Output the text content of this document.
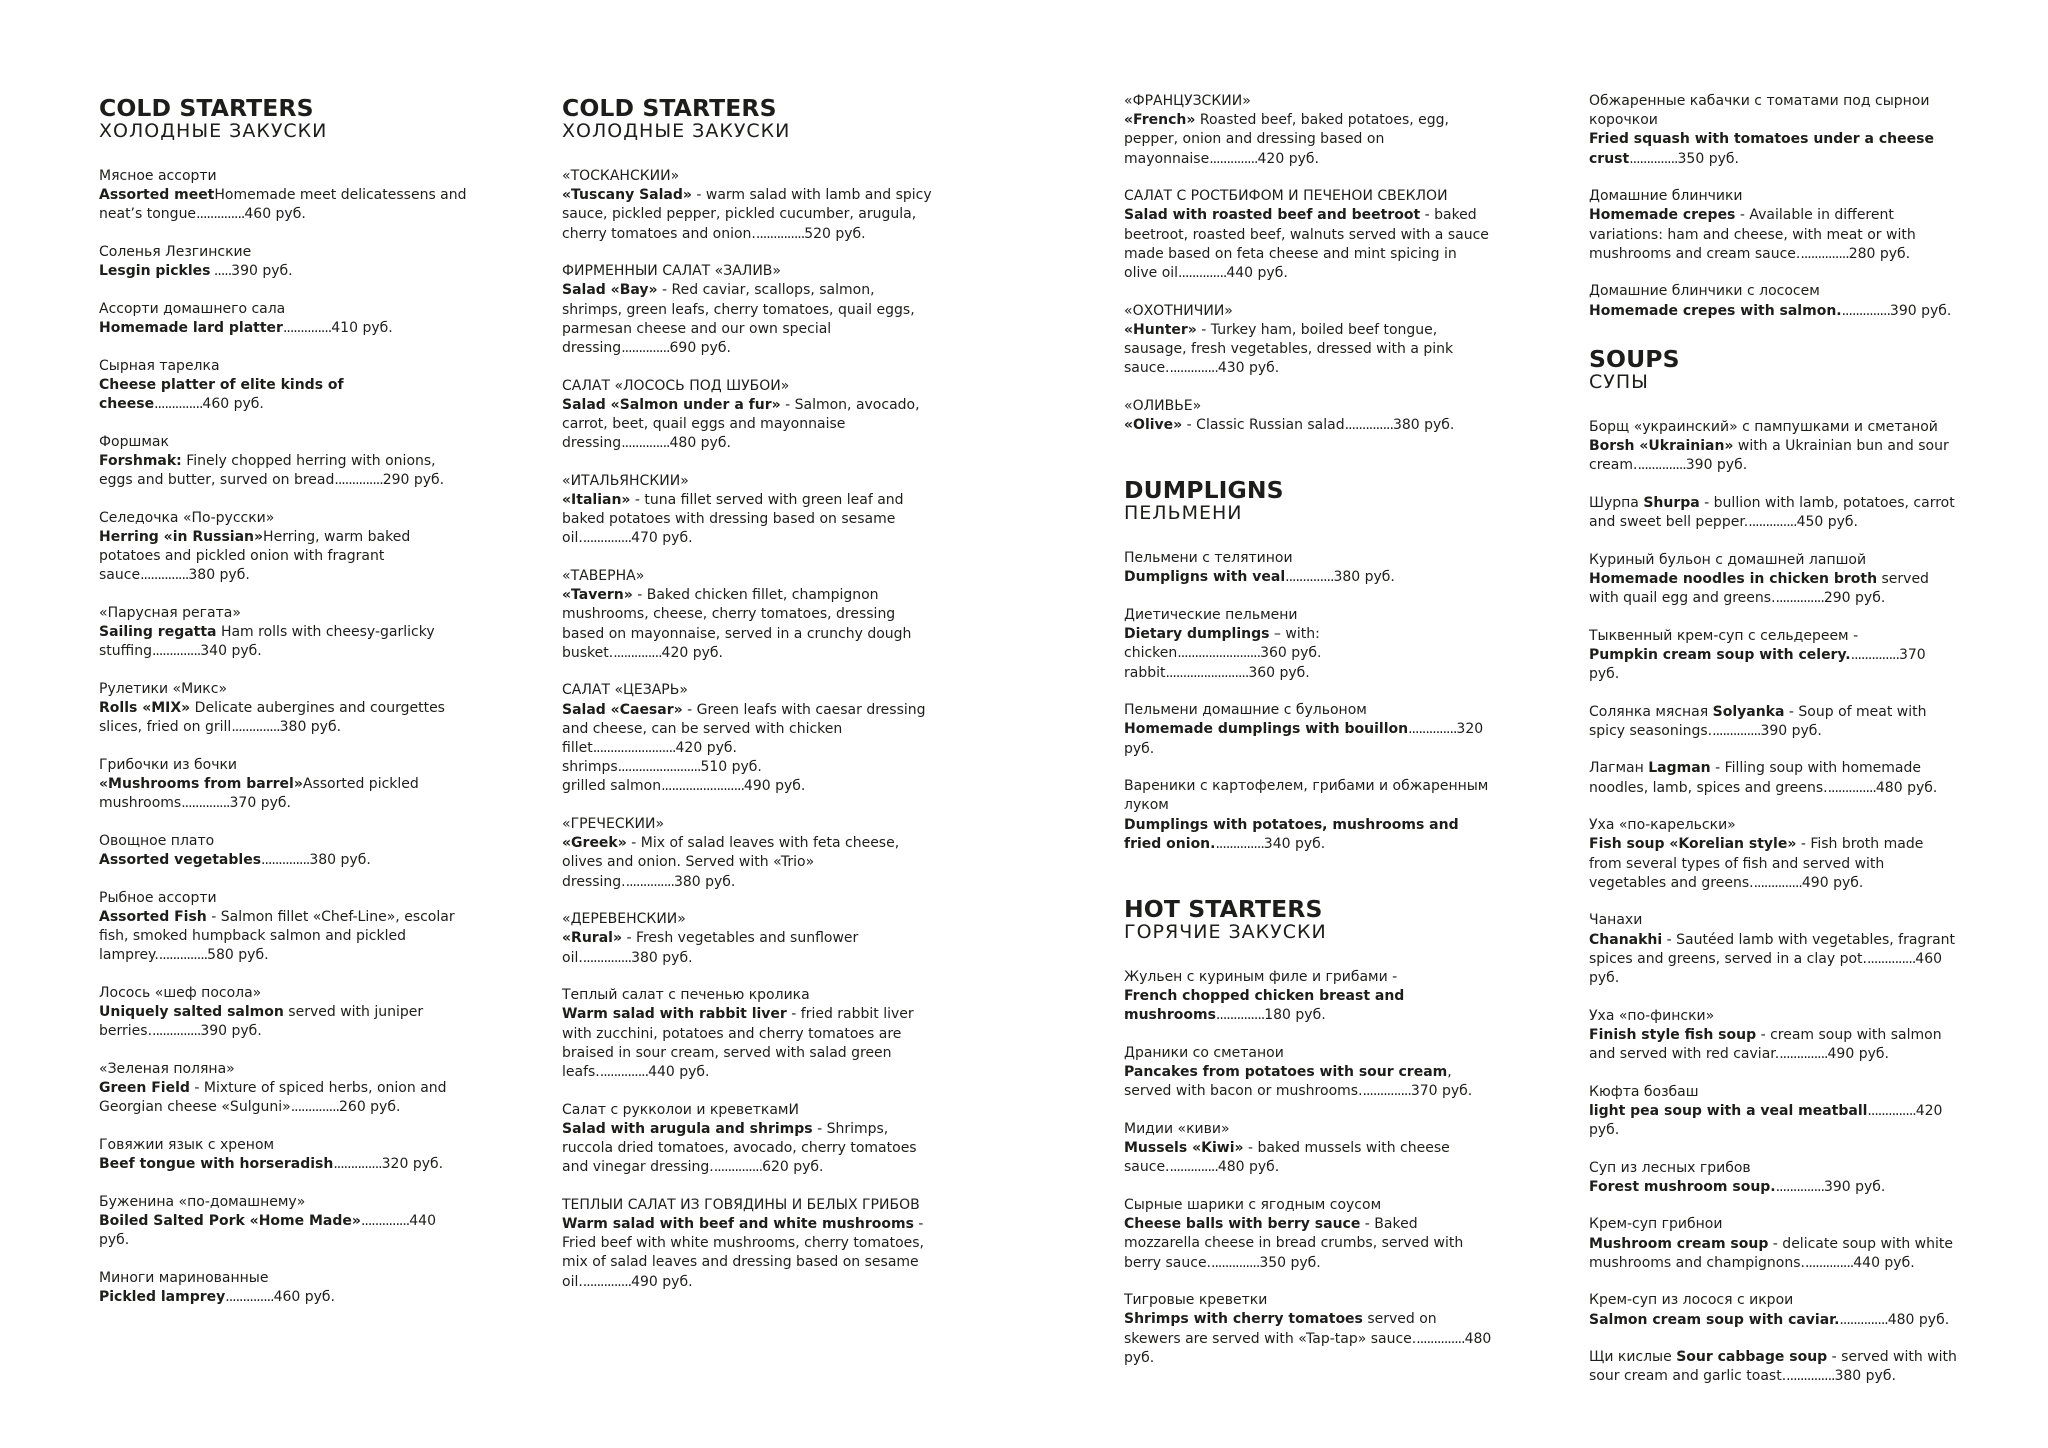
COLD STARTERS
ХОЛОДНЫЕ ЗАКУСКИ
Мясное ассорти
Assorted meetHomemade meet delicatessens and neat’s tongue..............460 руб.
Соленья Лезгинские
Lesgin pickles .....390 руб.
Ассорти домашнего сала
Homemade lard platter..............410 руб.
Сырная тарелка
Cheese platter of elite kinds of cheese..............460 руб.
Форшмак
Forshmak: Finely chopped herring with onions, eggs and butter, surved on bread..............290 руб.
Селедочка «По-русски»
Herring «in Russian»Herring, warm baked potatoes and pickled onion with fragrant sauce..............380 руб.
«Парусная регата»
Sailing regatta Ham rolls with cheesy-garlicky stuffing..............340 руб.
Рулетики «Микс»
Rolls «MIX» Delicate aubergines and courgettes slices, fried on grill..............380 руб.
Грибочки из бочки
«Mushrooms from barrel»Assorted pickled mushrooms..............370 руб.
Овощное плато
Assorted vegetables..............380 руб.
Рыбное ассорти
Assorted Fish - Salmon fillet «Chef-Line», escolar fish, smoked humpback salmon and pickled lamprey...............580 руб.
Лосось «шеф посола»
Uniquely salted salmon served with juniper berries...............390 руб.
«Зеленая поляна»
Green Field - Mixture of spiced herbs, onion and Georgian cheese «Sulguni»..............260 руб.
Говяжии язык с хреном
Beef tongue with horseradish..............320 руб.
Буженина «по-домашнему»
Boiled Salted Pork «Home Made»..............440 руб.
Миноги маринованные
Pickled lamprey..............460 руб.
COLD STARTERS
ХОЛОДНЫЕ ЗАКУСКИ
«ТОСКАНСКИИ»
«Tuscany Salad» - warm salad with lamb and spicy sauce, pickled pepper, pickled cucumber, arugula, cherry tomatoes and onion...............520 руб.
ФИРМЕННЫИ САЛАТ «ЗАЛИВ»
Salad «Bay» - Red caviar, scallops, salmon, shrimps, green leafs, cherry tomatoes, quail eggs, parmesan cheese and our own special dressing..............690 руб.
САЛАТ «ЛОСОСЬ ПОД ШУБОИ»
Salad «Salmon under a fur» - Salmon, avocado, carrot, beet, quail eggs and mayonnaise dressing..............480 руб.
«ИТАЛЬЯНСКИИ»
«Italian» - tuna fillet served with green leaf and baked potatoes with dressing based on sesame oil...............470 руб.
«ТАВЕРНА»
«Tavern» - Baked chicken fillet, champignon mushrooms, cheese, cherry tomatoes, dressing based on mayonnaise, served in a crunchy dough busket...............420 руб.
САЛАТ «ЦЕЗАРЬ»
Salad «Caesar» - Green leafs with caesar dressing and cheese, can be served with chicken
fillet........................420 руб.
shrimps........................510 руб.
grilled salmon........................490 руб.
«ГРЕЧЕСКИИ»
«Greek» - Mix of salad leaves with feta cheese, olives and onion. Served with «Trio» dressing...............380 руб.
«ДЕРЕВЕНСКИИ»
«Rural» - Fresh vegetables and sunflower oil...............380 руб.
Теплый салат с печенью кролика
Warm salad with rabbit liver - fried rabbit liver with zucchini, potatoes and cherry tomatoes are braised in sour cream, served with salad green leafs...............440 руб.
Салат с рукколои и креветкамИ
Salad with arugula and shrimps - Shrimps, ruccola dried tomatoes, avocado, cherry tomatoes and vinegar dressing...............620 руб.
ТЕПЛЫИ САЛАТ ИЗ ГОВЯДИНЫ И БЕЛЫХ ГРИБОВ
Warm salad with beef and white mushrooms - Fried beef with white mushrooms, cherry tomatoes, mix of salad leaves and dressing based on sesame oil...............490 руб.
«ФРАНЦУЗСКИИ»
«French» Roasted beef, baked potatoes, egg, pepper, onion and dressing based on mayonnaise..............420 руб.
САЛАТ С РОСТБИФОМ И ПЕЧЕНОИ СВЕКЛОИ
Salad with roasted beef and beetroot - baked beetroot, roasted beef, walnuts served with a sauce made based on feta cheese and mint spicing in olive oil..............440 руб.
«ОХОТНИЧИИ»
«Hunter» - Turkey ham, boiled beef tongue, sausage, fresh vegetables, dressed with a pink sauce...............430 руб.
«ОЛИВЬЕ»
«Olive» - Classic Russian salad..............380 руб.
DUMPLIGNS
ПЕЛЬМЕНИ
Пельмени с телятинои
Dumpligns with veal..............380 руб.
Диетические пельмени
Dietary dumplings – with:
chicken........................360 руб.
rabbit........................360 руб.
Пельмени домашние с бульоном
Homemade dumplings with bouillon..............320 руб.
Вареники с картофелем, грибами и обжаренным луком
Dumplings with potatoes, mushrooms and fried onion...............340 руб.
HOT STARTERS
ГОРЯЧИЕ ЗАКУСКИ
Жульен с куриным филе и грибами -
French chopped chicken breast and mushrooms..............180 руб.
Драники со сметанои
Pancakes from potatoes with sour cream, served with bacon or mushrooms...............370 руб.
Мидии «киви»
Mussels «Kiwi» - baked mussels with cheese sauce...............480 руб.
Сырные шарики с ягодным соусом
Cheese balls with berry sauce - Baked mozzarella cheese in bread crumbs, served with berry sauce...............350 руб.
Тигровые креветки
Shrimps with cherry tomatoes served on skewers are served with «Tap-tap» sauce...............480 руб.
Обжаренные кабачки с томатами под сырнои корочкои
Fried squash with tomatoes under a cheese crust..............350 руб.
Домашние блинчики
Homemade crepes - Available in different variations: ham and cheese, with meat or with mushrooms and cream sauce...............280 руб.
Домашние блинчики с лососем
Homemade crepes with salmon...............390 руб.
SOUPS
СУПЫ
Борщ «украинский» с пампушками и сметаной
Borsh «Ukrainian» with a Ukrainian bun and sour cream...............390 руб.
Шурпа Shurpa - bullion with lamb, potatoes, carrot and sweet bell pepper...............450 руб.
Куриный бульон с домашней лапшой
Homemade noodles in chicken broth served with quail egg and greens...............290 руб.
Тыквенный крем-суп с сельдереем -
Pumpkin cream soup with celery...............370 руб.
Солянка мясная Solyanka - Soup of meat with spicy seasonings...............390 руб.
Лагман Lagman - Filling soup with homemade noodles, lamb, spices and greens...............480 руб.
Уха «по-карельски»
Fish soup «Korelian style» - Fish broth made from several types of fish and served with vegetables and greens...............490 руб.
Чанахи
Chanakhi - Sautéed lamb with vegetables, fragrant spices and greens, served in a clay pot...............460 руб.
Уха «по-фински»
Finish style fish soup - cream soup with salmon and served with red caviar...............490 руб.
Кюфта бозбаш
light pea soup with a veal meatball..............420 руб.
Суп из лесных грибов
Forest mushroom soup...............390 руб.
Крем-суп грибнои
Mushroom cream soup - delicate soup with white mushrooms and champignons...............440 руб.
Крем-суп из лосося с икрои
Salmon cream soup with caviar...............480 руб.
Щи кислые Sour cabbage soup - served with with sour cream and garlic toast...............380 руб.
